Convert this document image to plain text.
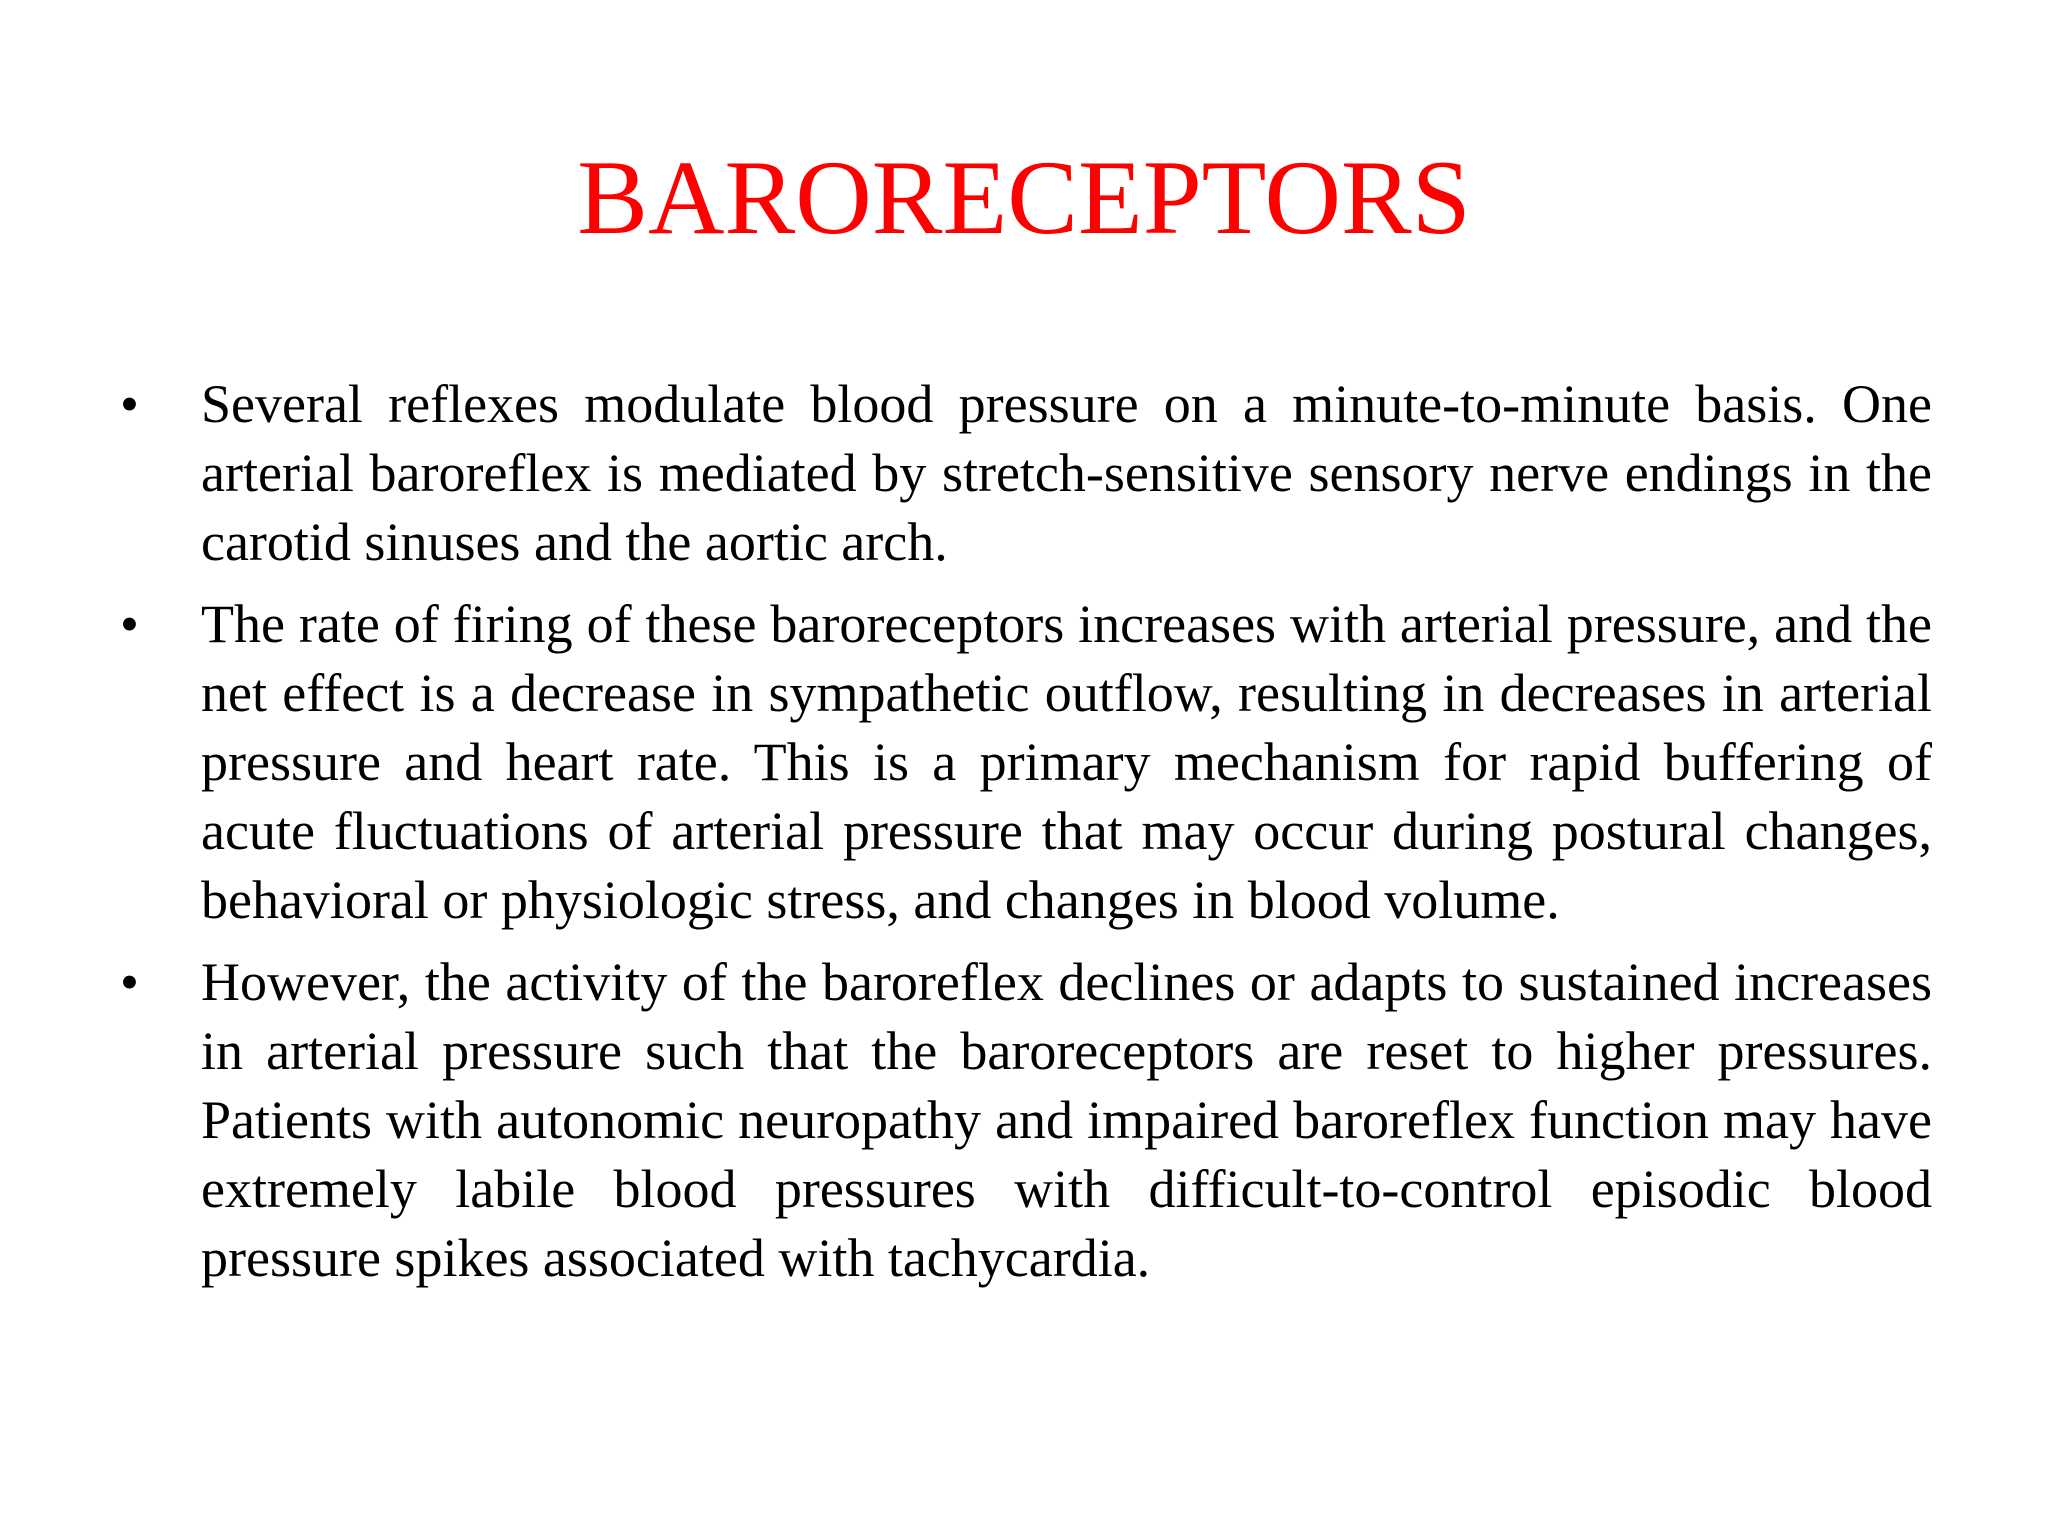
BARORECEPTORS
•	Several reflexes modulate blood pressure on a minute-to-minute basis. One arterial baroreflex is mediated by stretch-sensitive sensory nerve endings in the carotid sinuses and the aortic arch.
•	The rate of firing of these baroreceptors increases with arterial pressure, and the net effect is a decrease in sympathetic outflow, resulting in decreases in arterial pressure and heart rate. This is a primary mechanism for rapid buffering of acute fluctuations of arterial pressure that may occur during postural changes, behavioral or physiologic stress, and changes in blood volume.
•	However, the activity of the baroreflex declines or adapts to sustained increases in arterial pressure such that the baroreceptors are reset to higher pressures. Patients with autonomic neuropathy and impaired baroreflex function may have extremely labile blood pressures with difficult-to-control episodic blood pressure spikes associated with tachycardia.
